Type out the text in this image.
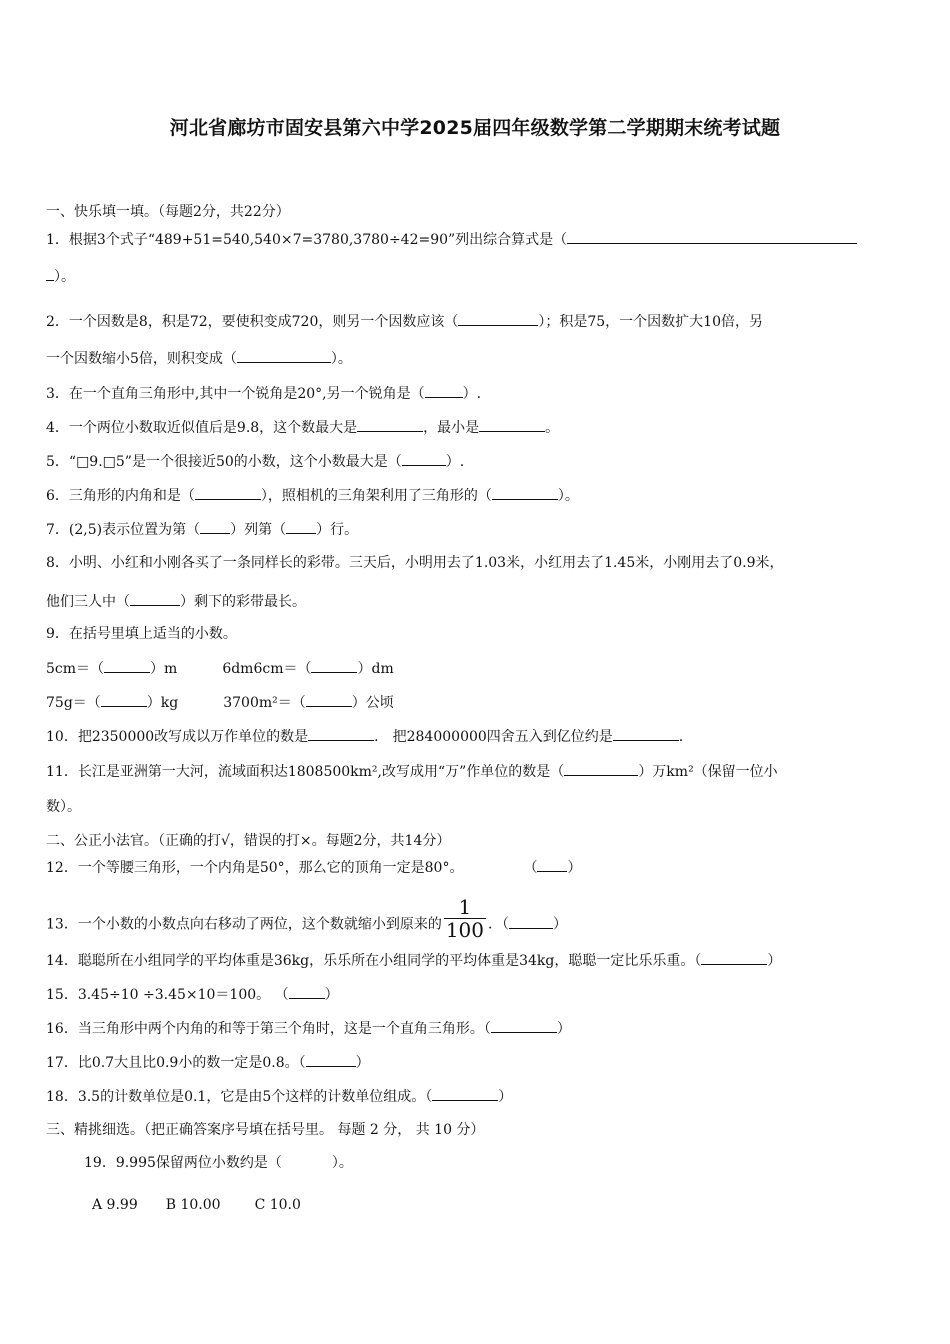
河北省廊坊市固安县第六中学2025届四年级数学第二学期期末统考试题
一、快乐填一填。（每题2分，共22分）
1．根据3个式子“489+51=540,540×7=3780,3780÷42=90”列出综合算式是（
）。
2．一个因数是8，积是72，要使积变成720，则另一个因数应该（	）；积是75，一个因数扩大10倍，另
一个因数缩小5倍，则积变成（	）。
3．在一个直角三角形中,其中一个锐角是20°,另一个锐角是（	）.
4．一个两位小数取近似值后是9.8，这个数最大是	，最小是	。
5．“□9.□5”是一个很接近50的小数，这个小数最大是（	）.
6．三角形的内角和是（	），照相机的三角架利用了三角形的（	）。
7．(2,5)表示位置为第（ ）列第（ ）行。
8．小明、小红和小刚各买了一条同样长的彩带。三天后，小明用去了1.03米，小红用去了1.45米，小刚用去了0.9米，
他们三人中（	）剩下的彩带最长。
9．在括号里填上适当的小数。
5cm＝（	）m	6dm6cm＝（	）dm
75g＝（	）kg	3700m²＝（	）公顷
10．把2350000改写成以万作单位的数是	． 把284000000四舍五入到亿位约是	.
11．长江是亚洲第一大河，流域面积达1808500km²,改写成用“万”作单位的数是（	）万km²（保留一位小
数）。
二、公正小法官。（正确的打√，错误的打×。每题2分，共14分）
12．一个等腰三角形，一个内角是50°，那么它的顶角一定是80°。	（ ）
13．一个小数的小数点向右移动了两位，这个数就缩小到原来的 $\frac{1}{100}$ ．（	）
14．聪聪所在小组同学的平均体重是36kg，乐乐所在小组同学的平均体重是34kg，聪聪一定比乐乐重。（	）
15．3.45÷10 ÷3.45×10＝100。 （	）
16．当三角形中两个内角的和等于第三个角时，这是一个直角三角形。（	）
17．比0.7大且比0.9小的数一定是0.8。（	）
18．3.5的计数单位是0.1，它是由5个这样的计数单位组成。（	）
三、精挑细选。（把正确答案序号填在括号里。 每题 2 分， 共 10 分）
19．9.995保留两位小数约是（	）。
A 9.99 B 10.00 C 10.0
